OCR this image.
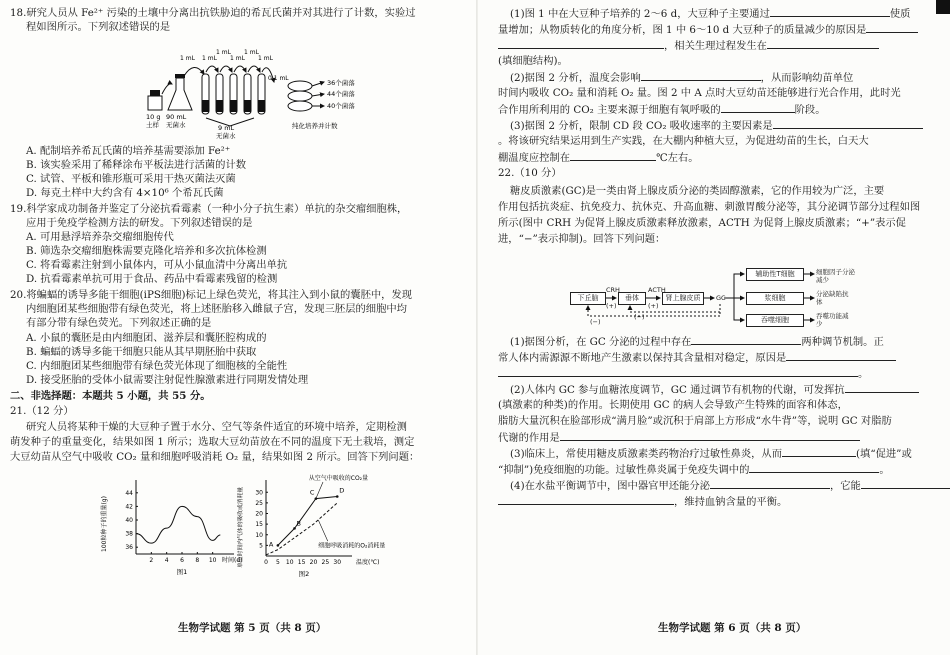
18.研究人员从 Fe²⁺ 污染的土壤中分离出抗铁胁迫的希瓦氏菌并对其进行了计数，实验过
程如图所示。下列叙述错误的是
10 g
土样
90 mL
无菌水
1 mL 1 mL
1 mL
1 mL
1 mL
1 mL
9 mL
无菌水
0.1 mL
36个菌落
44个菌落
40个菌落
纯化培养并计数
A. 配制培养希瓦氏菌的培养基需要添加 Fe²⁺
B. 该实验采用了稀释涂布平板法进行活菌的计数
C. 试管、平板和锥形瓶可采用干热灭菌法灭菌
D. 每克土样中大约含有 4×10⁶ 个希瓦氏菌
19.科学家成功制备并鉴定了分泌抗看霉素（一种小分子抗生素）单抗的杂交瘤细胞株，
应用于免疫学检测方法的研发。下列叙述错误的是
A. 可用悬浮培养杂交瘤细胞传代
B. 筛选杂交瘤细胞株需要克隆化培养和多次抗体检测
C. 将看霉素注射到小鼠体内，可从小鼠血清中分离出单抗
D. 抗看霉素单抗可用于食品、药品中看霉素残留的检测
20.将蝙蝠的诱导多能干细胞(iPS细胞)标记上绿色荧光，将其注入到小鼠的囊胚中，发现
内细胞团某些细胞带有绿色荧光，将上述胚胎移入雌鼠子宫，发现三胚层的细胞中均
有部分带有绿色荧光。下列叙述正确的是
A. 小鼠的囊胚是由内细胞团、滋养层和囊胚腔构成的
B. 蝙蝠的诱导多能干细胞只能从其早期胚胎中获取
C. 内细胞团某些细胞带有绿色荧光体现了细胞核的全能性
D. 接受胚胎的受体小鼠需要注射促性腺激素进行同期发情处理
二、非选择题：本题共 5 小题，共 55 分。
21.（12 分）
研究人员将某种干燥的大豆种子置于水分、空气等条件适宜的环境中培养，定期检测
萌发种子的重量变化，结果如图 1 所示；选取大豆幼苗放在不同的温度下无土栽培，测定
大豆幼苗从空气中吸收 CO₂ 量和细胞呼吸消耗 O₂ 量，结果如图 2 所示。回答下列问题：
2 4 6 8 10
36
38
40
42
44
时间(d)
100粒种子的重量(g)
图1
0 5 10 15 20 25 30
5
10
15
20
25
30
温度(℃)
单位时间内气体的吸收或消耗量
图2
A
B
C	D
从空气中吸收的CO₂量
细胞呼吸消耗的O₂消耗量
生物学试题 第 5 页（共 8 页）
(1)图 1 中在大豆种子培养的 2～6 d，大豆种子主要通过	使质
量增加；从物质转化的角度分析，图 1 中 6～10 d 大豆种子的质量减少的原因是
，相关生理过程发生在
(填细胞结构)。
(2)据图 2 分析，温度会影响	，从而影响幼苗单位
时间内吸收 CO₂ 量和消耗 O₂ 量。图 2 中 A 点时大豆幼苗还能够进行光合作用，此时光
合作用所利用的 CO₂ 主要来源于细胞有氧呼吸的	阶段。
(3)据图 2 分析，限制 CD 段 CO₂ 吸收速率的主要因素是
。将该研究结果运用到生产实践，在大棚内种植大豆，为促进幼苗的生长，白天大
棚温度应控制在	℃左右。
22.（10 分）
糖皮质激素(GC)是一类由肾上腺皮质分泌的类固醇激素，它的作用较为广泛，主要
作用包括抗炎症、抗免疫力、抗休克、升高血糖、刺激胃酸分泌等，其分泌调节部分过程如图
所示(图中 CRH 为促肾上腺皮质激素释放激素，ACTH 为促肾上腺皮质激素；“+”表示促
进，“−”表示抑制)。回答下列问题：
下丘脑	垂体	肾上腺皮质	GC
辅助性T细胞
浆细胞
吞噬细胞
CRH
(+)
ACTH
(+)
(−)
(−)
细胞因子分泌减少
分泌缺陷抗体
吞噬功能减少
(1)据图分析，在 GC 分泌的过程中存在	两种调节机制。正
常人体内需源源不断地产生激素以保持其含量相对稳定，原因是
。
(2)人体内 GC 参与血糖浓度调节，GC 通过调节有机物的代谢，可发挥抗
(填激素的种类)的作用。长期使用 GC 的病人会导致产生特殊的面容和体态，
脂肪大量沉积在脸部形成“满月脸”或沉积于肩部上方形成“水牛背”等，说明 GC 对脂肪
代谢的作用是
(3)临床上，常使用糖皮质激素类药物治疗过敏性鼻炎，从而	(填“促进”或
“抑制”)免疫细胞的功能。过敏性鼻炎属于免疫失调中的	。
(4)在水盐平衡调节中，图中器官甲还能分泌	，它能
，维持血钠含量的平衡。
生物学试题 第 6 页（共 8 页）
